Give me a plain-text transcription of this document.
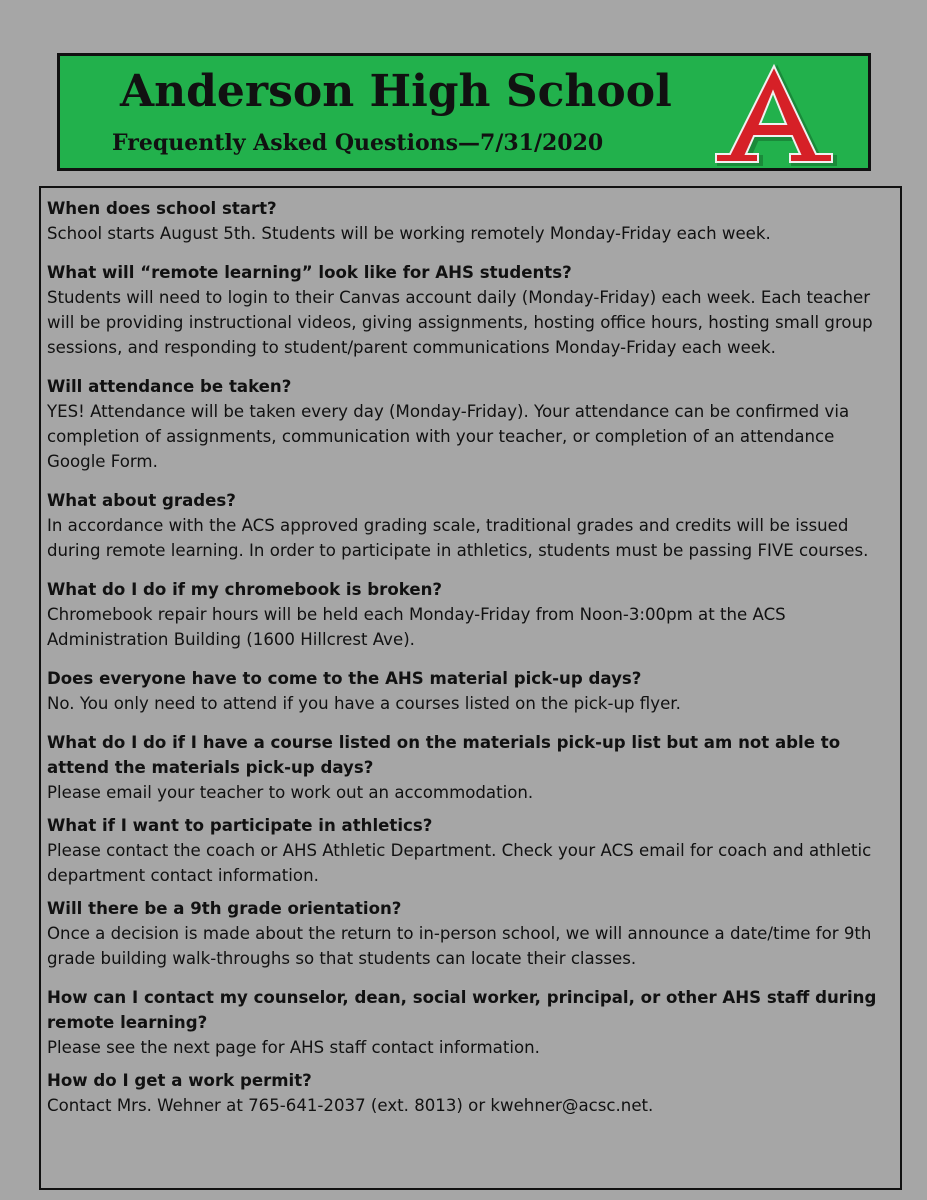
Anderson High School
Frequently Asked Questions—7/31/2020
When does school start?
School starts August 5th. Students will be working remotely Monday-Friday each week.
What will “remote learning” look like for AHS students?
Students will need to login to their Canvas account daily (Monday-Friday) each week. Each teacher will be providing instructional videos, giving assignments, hosting office hours, hosting small group sessions, and responding to student/parent communications Monday-Friday each week.
Will attendance be taken?
YES! Attendance will be taken every day (Monday-Friday). Your attendance can be confirmed via completion of assignments, communication with your teacher, or completion of an attendance Google Form.
What about grades?
In accordance with the ACS approved grading scale, traditional grades and credits will be issued during remote learning. In order to participate in athletics, students must be passing FIVE courses.
What do I do if my chromebook is broken?
Chromebook repair hours will be held each Monday-Friday from Noon-3:00pm at the ACS Administration Building (1600 Hillcrest Ave).
Does everyone have to come to the AHS material pick-up days?
No. You only need to attend if you have a courses listed on the pick-up flyer.
What do I do if I have a course listed on the materials pick-up list but am not able to attend the materials pick-up days?
Please email your teacher to work out an accommodation.
What if I want to participate in athletics?
Please contact the coach or AHS Athletic Department. Check your ACS email for coach and athletic department contact information.
Will there be a 9th grade orientation?
Once a decision is made about the return to in-person school, we will announce a date/time for 9th grade building walk-throughs so that students can locate their classes.
How can I contact my counselor, dean, social worker, principal, or other AHS staff during remote learning?
Please see the next page for AHS staff contact information.
How do I get a work permit?
Contact Mrs. Wehner at 765-641-2037 (ext. 8013) or kwehner@acsc.net.
